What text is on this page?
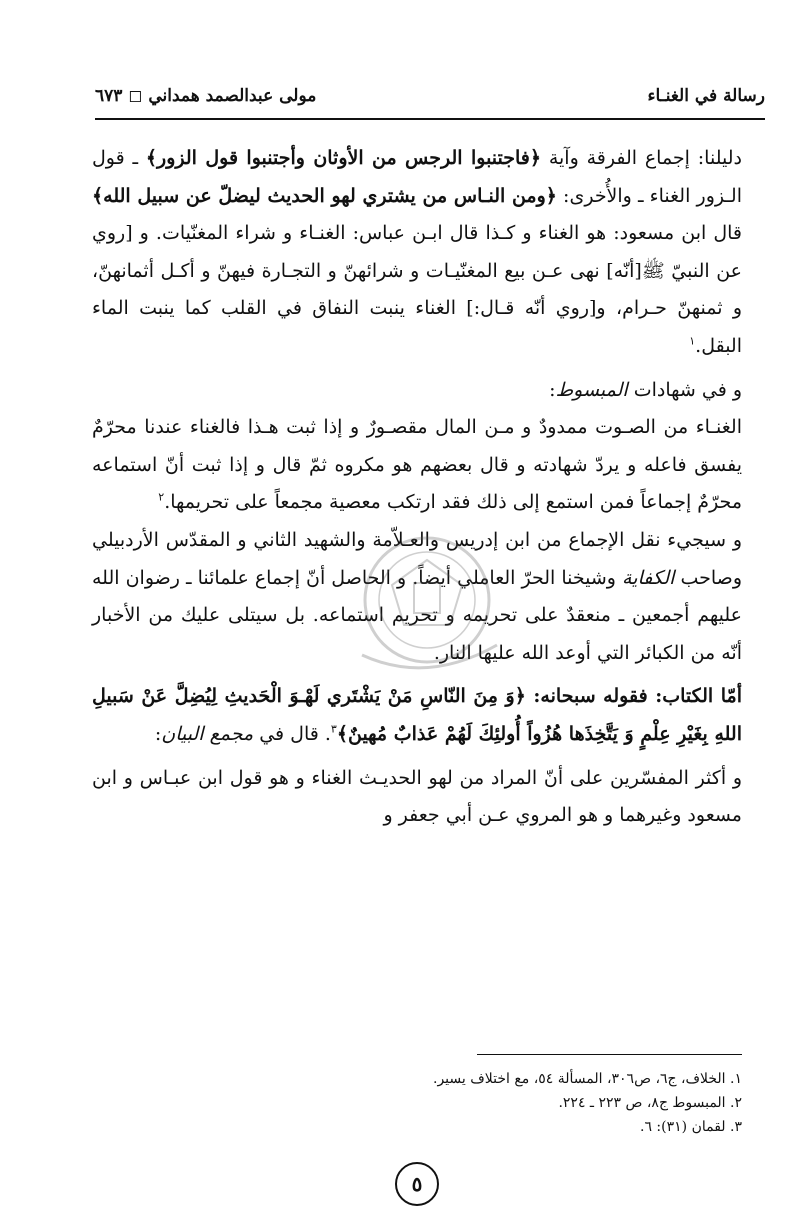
رسالة في الغنـاء
مولى عبدالصمد همداني ◻ ٦٧٣

دليلنا: إجماع الفرقة وآية ﴿فاجتنبوا الرجس من الأوثان وأجتنبوا قول الزور﴾ ـ قول الـزور الغناء ـ والأُخرى: ﴿ومن النـاس من يشتري لهو الحديث ليضلّ عن سبيل الله﴾ قال ابن مسعود: هو الغناء و كـذا قال ابـن عباس: الغنـاء و شراء المغنّيات. و [روي عن النبيّ ﷺ[أنّه] نهى عـن بيع المغنّيـات و شرائهنّ و التجـارة فيهنّ و أكـل أثمانهنّ، و ثمنهنّ حـرام، و[روي أنّه قـال:] الغناء ينبت النفاق في القلب كما ينبت الماء البقل.$^١$

و في شهادات المبسوط:

الغنـاء من الصـوت ممدودٌ و مـن المال مقصـورٌ و إذا ثبت هـذا فالغناء عندنا محرّمٌ يفسق فاعله و يردّ شهادته و قال بعضهم هو مكروه ثمّ قال و إذا ثبت أنّ استماعه محرّمٌ إجماعاً فمن استمع إلى ذلك فقد ارتكب معصية مجمعاً على تحريمها.$^٢$

و سيجيء نقل الإجماع من ابن إدريس والعـلاّمة والشهيد الثاني و المقدّس الأردبيلي وصاحب الكفاية وشيخنا الحرّ العاملي أيضاً. و الحاصل أنّ إجماع علمائنا ـ رضوان الله عليهم أجمعين ـ منعقدٌ على تحريمه و تحريم استماعه. بل سيتلى عليك من الأخبار أنّه من الكبائر التي أوعد الله عليها النار.

أمّا الكتاب: فقوله سبحانه: ﴿وَ مِنَ النّاسِ مَنْ يَشْتَري لَهْـوَ الْحَديثِ لِيُضِلَّ عَنْ سَبيلِ اللهِ بِغَيْرِ عِلْمٍ وَ يَتَّخِذَها هُزُواً أُولئِكَ لَهُمْ عَذابٌ مُهينٌ﴾$^٣$. قال في مجمع البيان:

و أكثر المفسّرين على أنّ المراد من لهو الحديـث الغناء و هو قول ابن عبـاس و ابن مسعود وغيرهما و هو المروي عـن أبي جعفر و

١. الخلاف، ج٦، ص٣٠٦، المسألة ٥٤، مع اختلاف يسير.
٢. المبسوط ج٨، ص ٢٢٣ ـ ٢٢٤.
٣. لقمان (٣١): ٦.
٥
